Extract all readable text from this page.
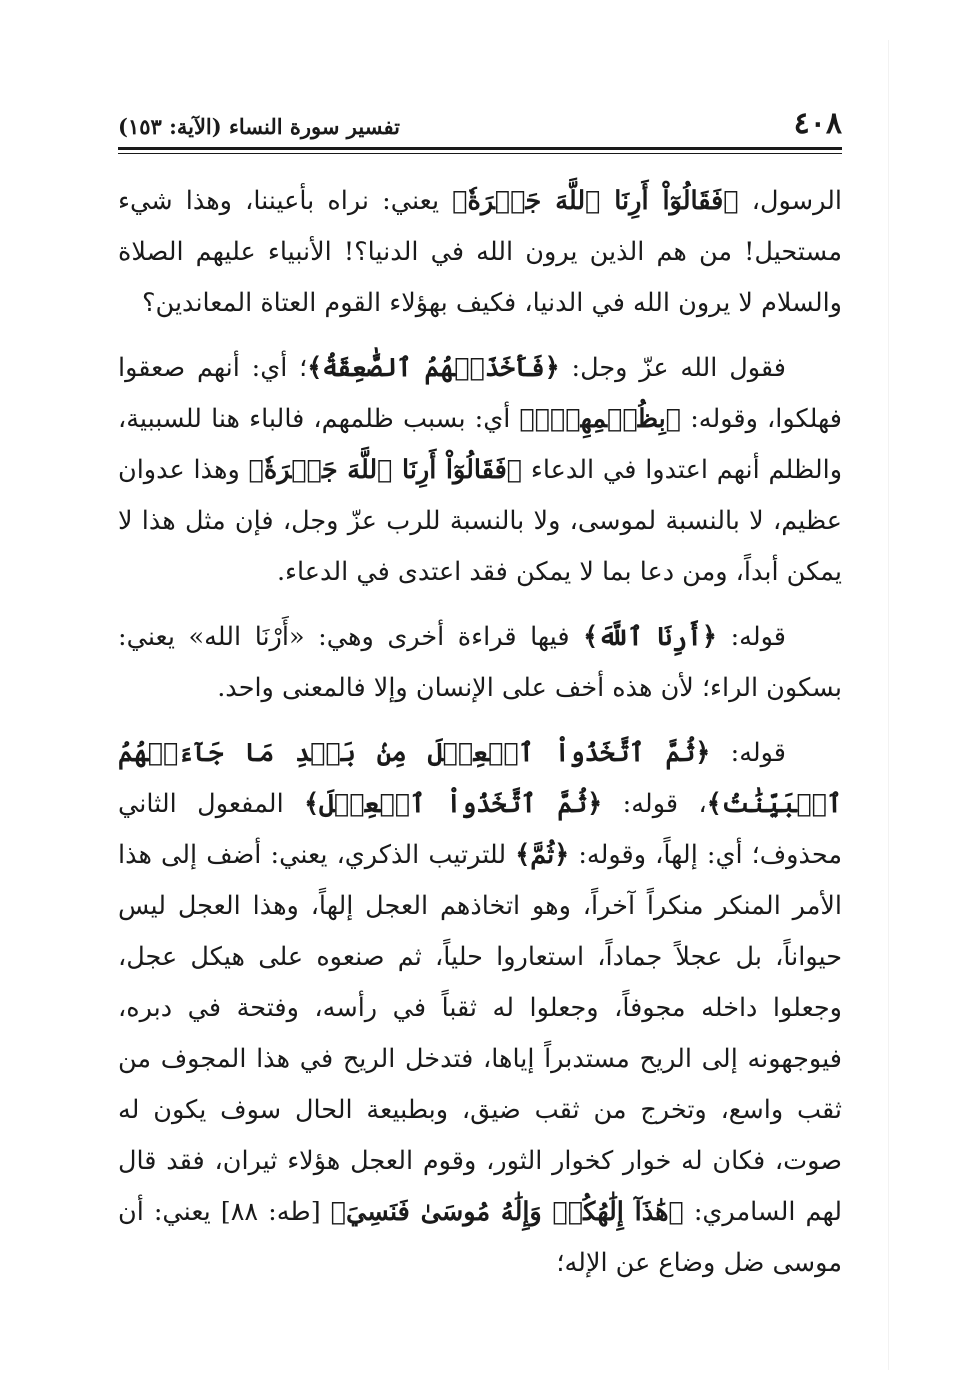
٤٠٨
تفسير سورة النساء (الآية: ١٥٣)

الرسول، ﴿فَقَالُوٓاْ أَرِنَا ٱللَّهَ جَهۡرَةٗ﴾ يعني: نراه بأعيننا، وهذا شيء مستحيل! من هم الذين يرون الله في الدنيا؟! الأنبياء عليهم الصلاة والسلام لا يرون الله في الدنيا، فكيف بهؤلاء القوم العتاة المعاندين؟

فقول الله عزّ وجل: ﴿فَأَخَذَتۡهُمُ ٱلصَّٰعِقَةُ﴾؛ أي: أنهم صعقوا فهلكوا، وقوله: ﴿بِظُلۡمِهِمۡۚ﴾ أي: بسبب ظلمهم، فالباء هنا للسببية، والظلم أنهم اعتدوا في الدعاء ﴿فَقَالُوٓاْ أَرِنَا ٱللَّهَ جَهۡرَةٗ﴾ وهذا عدوان عظيم، لا بالنسبة لموسى، ولا بالنسبة للرب عزّ وجل، فإن مثل هذا لا يمكن أبداً، ومن دعا بما لا يمكن فقد اعتدى في الدعاء.

قوله: ﴿أَرِنَا ٱللَّهَ﴾ فيها قراءة أخرى وهي: «أَرْنَا الله» يعني: بسكون الراء؛ لأن هذه أخف على الإنسان وإلا فالمعنى واحد.

قوله: ﴿ثُمَّ ٱتَّخَذُواْ ٱلۡعِجۡلَ مِنۢ بَعۡدِ مَا جَآءَتۡهُمُ ٱلۡبَيِّنَٰتُ﴾، قوله: ﴿ثُمَّ ٱتَّخَذُواْ ٱلۡعِجۡلَ﴾ المفعول الثاني محذوف؛ أي: إلهاً، وقوله: ﴿ثُمَّ﴾ للترتيب الذكري، يعني: أضف إلى هذا الأمر المنكر منكراً آخراً، وهو اتخاذهم العجل إلهاً، وهذا العجل ليس حيواناً، بل عجلاً جماداً، استعاروا حلياً، ثم صنعوه على هيكل عجل، وجعلوا داخله مجوفاً، وجعلوا له ثقباً في رأسه، وفتحة في دبره، فيوجهونه إلى الريح مستدبراً إياها، فتدخل الريح في هذا المجوف من ثقب واسع، وتخرج من ثقب ضيق، وبطبيعة الحال سوف يكون له صوت، فكان له خوار كخوار الثور، وقوم العجل هؤلاء ثيران، فقد قال لهم السامري: ﴿هَٰذَآ إِلَٰهُكُمۡ وَإِلَٰهُ مُوسَىٰ فَنَسِيَ﴾ [طه: ٨٨] يعني: أن موسى ضل وضاع عن الإله؛
